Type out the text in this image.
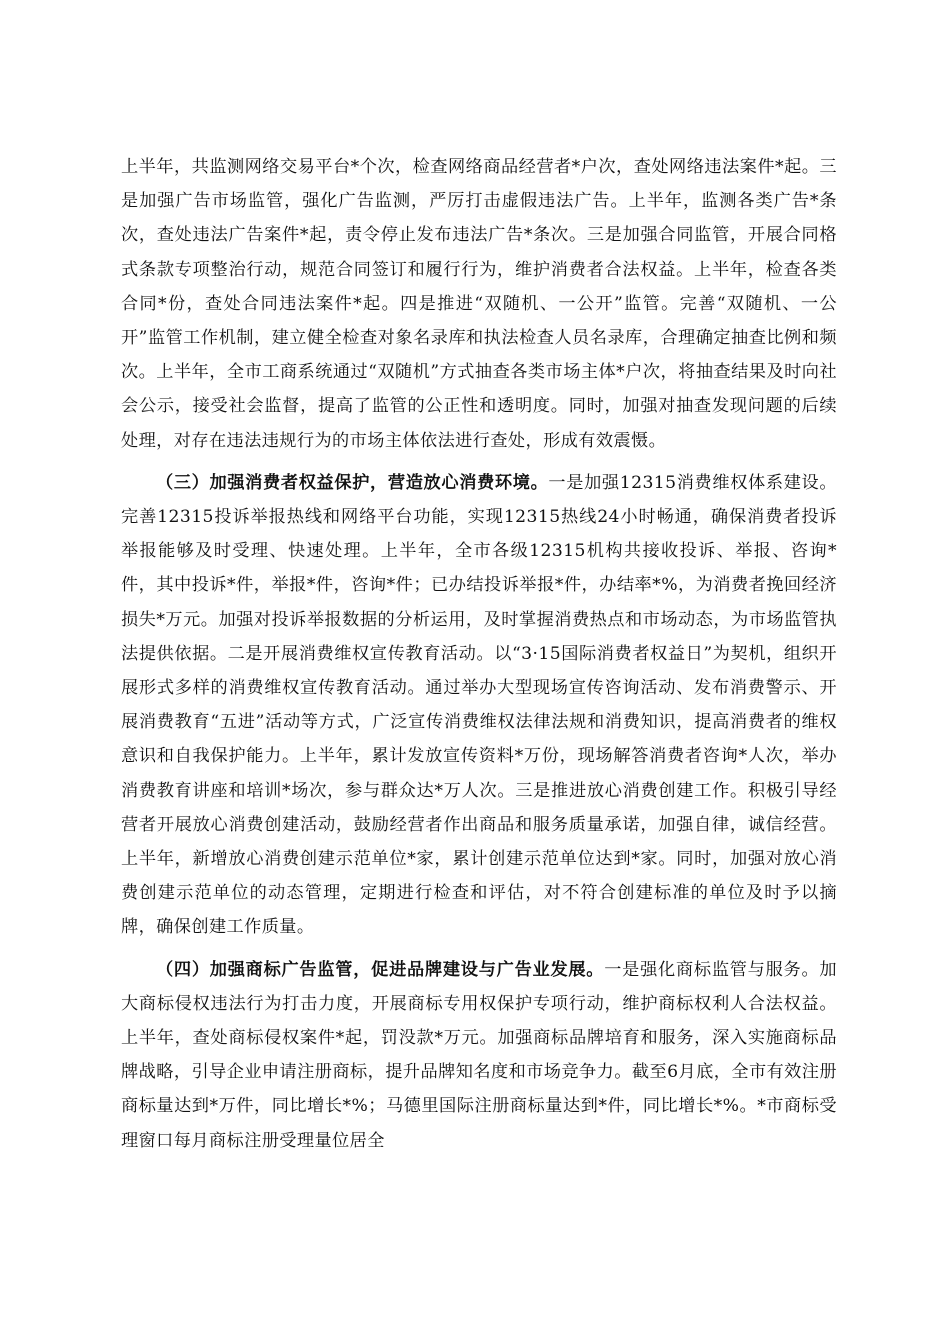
上半年，共监测网络交易平台*个次，检查网络商品经营者*户次，查处网络违法案件*起。三是加强广告市场监管，强化广告监测，严厉打击虚假违法广告。上半年，监测各类广告*条次，查处违法广告案件*起，责令停止发布违法广告*条次。三是加强合同监管，开展合同格式条款专项整治行动，规范合同签订和履行行为，维护消费者合法权益。上半年，检查各类合同*份，查处合同违法案件*起。四是推进“双随机、一公开”监管。完善“双随机、一公开”监管工作机制，建立健全检查对象名录库和执法检查人员名录库，合理确定抽查比例和频次。上半年，全市工商系统通过“双随机”方式抽查各类市场主体*户次，将抽查结果及时向社会公示，接受社会监督，提高了监管的公正性和透明度。同时，加强对抽查发现问题的后续处理，对存在违法违规行为的市场主体依法进行查处，形成有效震慑。

（三）加强消费者权益保护，营造放心消费环境。一是加强12315消费维权体系建设。完善12315投诉举报热线和网络平台功能，实现12315热线24小时畅通，确保消费者投诉举报能够及时受理、快速处理。上半年，全市各级12315机构共接收投诉、举报、咨询*件，其中投诉*件，举报*件，咨询*件；已办结投诉举报*件，办结率*%，为消费者挽回经济损失*万元。加强对投诉举报数据的分析运用，及时掌握消费热点和市场动态，为市场监管执法提供依据。二是开展消费维权宣传教育活动。以“3·15国际消费者权益日”为契机，组织开展形式多样的消费维权宣传教育活动。通过举办大型现场宣传咨询活动、发布消费警示、开展消费教育“五进”活动等方式，广泛宣传消费维权法律法规和消费知识，提高消费者的维权意识和自我保护能力。上半年，累计发放宣传资料*万份，现场解答消费者咨询*人次，举办消费教育讲座和培训*场次，参与群众达*万人次。三是推进放心消费创建工作。积极引导经营者开展放心消费创建活动，鼓励经营者作出商品和服务质量承诺，加强自律，诚信经营。上半年，新增放心消费创建示范单位*家，累计创建示范单位达到*家。同时，加强对放心消费创建示范单位的动态管理，定期进行检查和评估，对不符合创建标准的单位及时予以摘牌，确保创建工作质量。

（四）加强商标广告监管，促进品牌建设与广告业发展。一是强化商标监管与服务。加大商标侵权违法行为打击力度，开展商标专用权保护专项行动，维护商标权利人合法权益。上半年，查处商标侵权案件*起，罚没款*万元。加强商标品牌培育和服务，深入实施商标品牌战略，引导企业申请注册商标，提升品牌知名度和市场竞争力。截至6月底，全市有效注册商标量达到*万件，同比增长*%；马德里国际注册商标量达到*件，同比增长*%。*市商标受理窗口每月商标注册受理量位居全
